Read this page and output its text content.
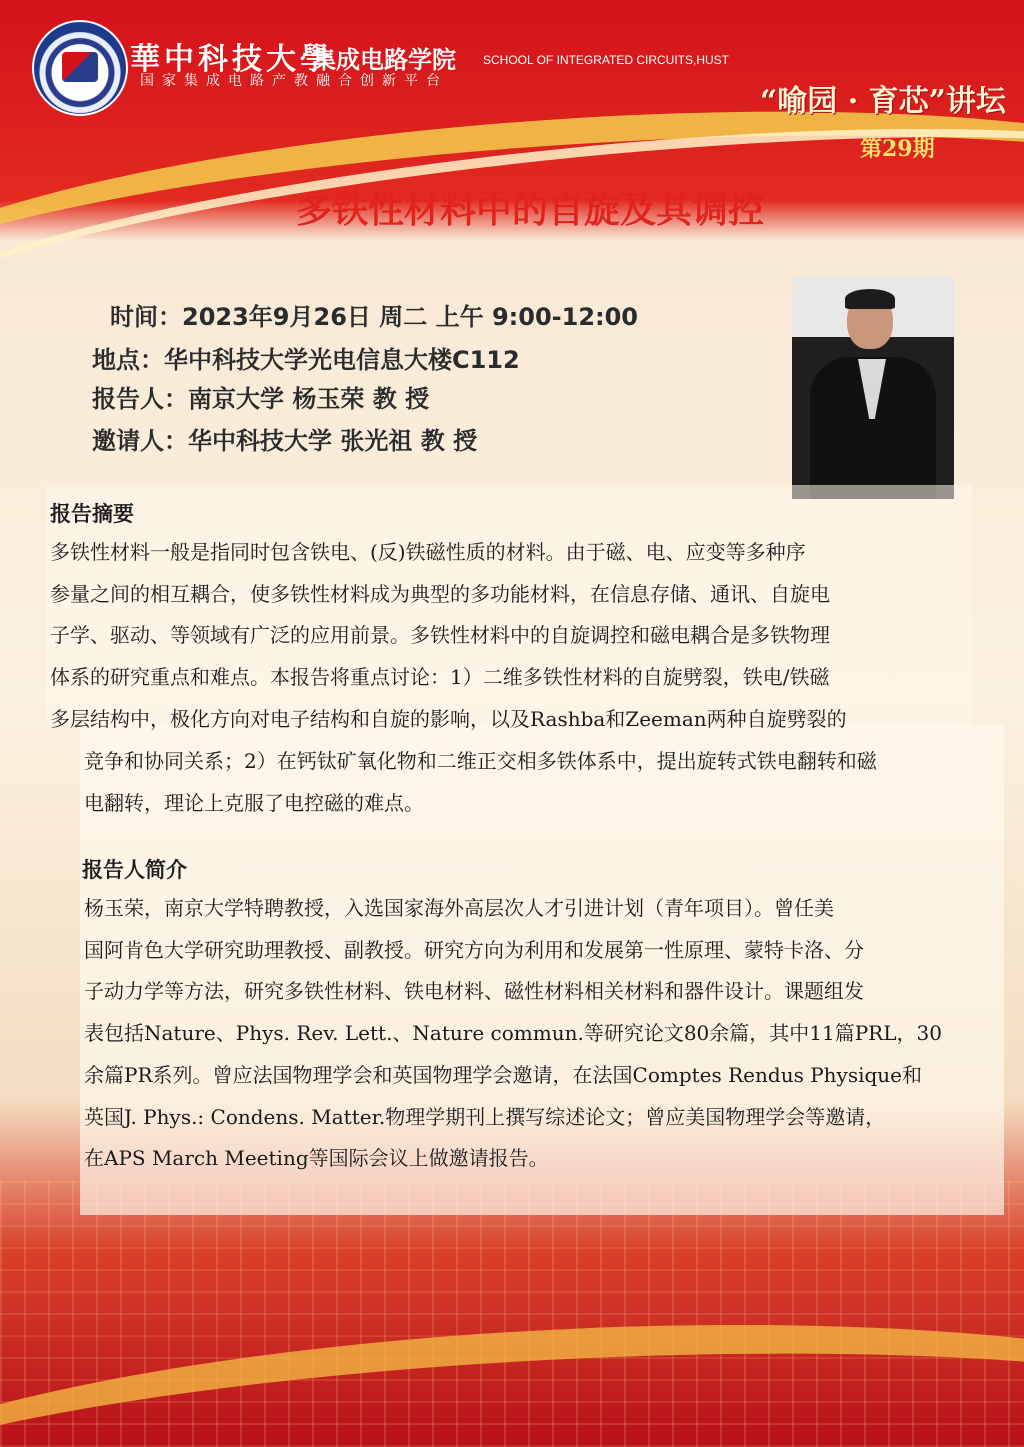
華中科技大學
集成电路学院
国家集成电路产教融合创新平台
SCHOOL OF INTEGRATED CIRCUITS,HUST
“喻园 · 育芯”讲坛
第29期
多铁性材料中的自旋及其调控
时间：2023年9月26日 周二 上午 9:00-12:00
地点：华中科技大学光电信息大楼C112
报告人：南京大学 杨玉荣 教 授
邀请人：华中科技大学 张光祖 教 授
报告摘要
多铁性材料一般是指同时包含铁电、(反)铁磁性质的材料。由于磁、电、应变等多种序
参量之间的相互耦合，使多铁性材料成为典型的多功能材料，在信息存储、通讯、自旋电
子学、驱动、等领域有广泛的应用前景。多铁性材料中的自旋调控和磁电耦合是多铁物理
体系的研究重点和难点。本报告将重点讨论：1）二维多铁性材料的自旋劈裂，铁电/铁磁
多层结构中，极化方向对电子结构和自旋的影响，以及Rashba和Zeeman两种自旋劈裂的
竞争和协同关系；2）在钙钛矿氧化物和二维正交相多铁体系中，提出旋转式铁电翻转和磁
电翻转，理论上克服了电控磁的难点。
报告人简介
杨玉荣，南京大学特聘教授，入选国家海外高层次人才引进计划（青年项目）。曾任美
国阿肯色大学研究助理教授、副教授。研究方向为利用和发展第一性原理、蒙特卡洛、分
子动力学等方法，研究多铁性材料、铁电材料、磁性材料相关材料和器件设计。课题组发
表包括Nature、Phys. Rev. Lett.、Nature commun.等研究论文80余篇，其中11篇PRL，30
余篇PR系列。曾应法国物理学会和英国物理学会邀请，在法国Comptes Rendus Physique和
英国J. Phys.: Condens. Matter.物理学期刊上撰写综述论文；曾应美国物理学会等邀请，
在APS March Meeting等国际会议上做邀请报告。
